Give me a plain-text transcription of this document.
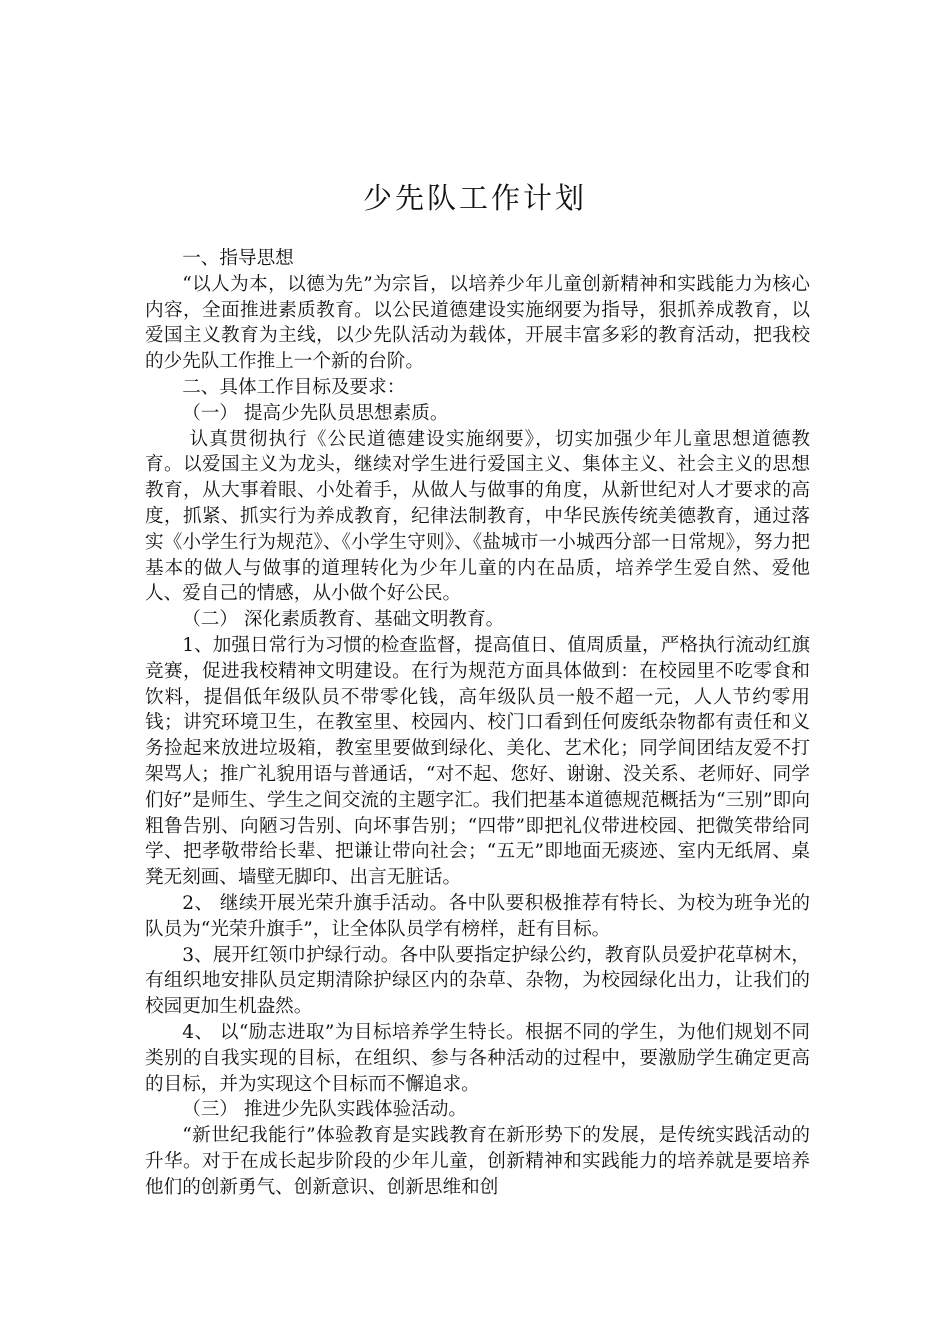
少先队工作计划

一、指导思想

“以人为本，以德为先”为宗旨，以培养少年儿童创新精神和实践能力为核心内容，全面推进素质教育。以公民道德建设实施纲要为指导，狠抓养成教育，以爱国主义教育为主线，以少先队活动为载体，开展丰富多彩的教育活动，把我校的少先队工作推上一个新的台阶。

二、具体工作目标及要求：

（一） 提高少先队员思想素质。

认真贯彻执行《公民道德建设实施纲要》，切实加强少年儿童思想道德教育。以爱国主义为龙头，继续对学生进行爱国主义、集体主义、社会主义的思想教育，从大事着眼、小处着手，从做人与做事的角度，从新世纪对人才要求的高度，抓紧、抓实行为养成教育，纪律法制教育，中华民族传统美德教育，通过落实《小学生行为规范》、《小学生守则》、《盐城市一小城西分部一日常规》，努力把基本的做人与做事的道理转化为少年儿童的内在品质，培养学生爱自然、爱他人、爱自己的情感，从小做个好公民。

（二） 深化素质教育、基础文明教育。

1、加强日常行为习惯的检查监督，提高值日、值周质量，严格执行流动红旗竞赛，促进我校精神文明建设。在行为规范方面具体做到：在校园里不吃零食和饮料，提倡低年级队员不带零化钱，高年级队员一般不超一元，人人节约零用钱；讲究环境卫生，在教室里、校园内、校门口看到任何废纸杂物都有责任和义务捡起来放进垃圾箱，教室里要做到绿化、美化、艺术化；同学间团结友爱不打架骂人；推广礼貌用语与普通话，“对不起、您好、谢谢、没关系、老师好、同学们好”是师生、学生之间交流的主题字汇。我们把基本道德规范概括为“三别”即向粗鲁告别、向陋习告别、向坏事告别；“四带”即把礼仪带进校园、把微笑带给同学、把孝敬带给长辈、把谦让带向社会；“五无”即地面无痰迹、室内无纸屑、桌凳无刻画、墙壁无脚印、出言无脏话。

2、 继续开展光荣升旗手活动。各中队要积极推荐有特长、为校为班争光的队员为“光荣升旗手”，让全体队员学有榜样，赶有目标。

3、展开红领巾护绿行动。各中队要指定护绿公约，教育队员爱护花草树木，有组织地安排队员定期清除护绿区内的杂草、杂物，为校园绿化出力，让我们的校园更加生机盎然。

4、 以“励志进取”为目标培养学生特长。根据不同的学生，为他们规划不同类别的自我实现的目标，在组织、参与各种活动的过程中，要激励学生确定更高的目标，并为实现这个目标而不懈追求。

（三） 推进少先队实践体验活动。

“新世纪我能行”体验教育是实践教育在新形势下的发展，是传统实践活动的升华。对于在成长起步阶段的少年儿童，创新精神和实践能力的培养就是要培养他们的创新勇气、创新意识、创新思维和创
